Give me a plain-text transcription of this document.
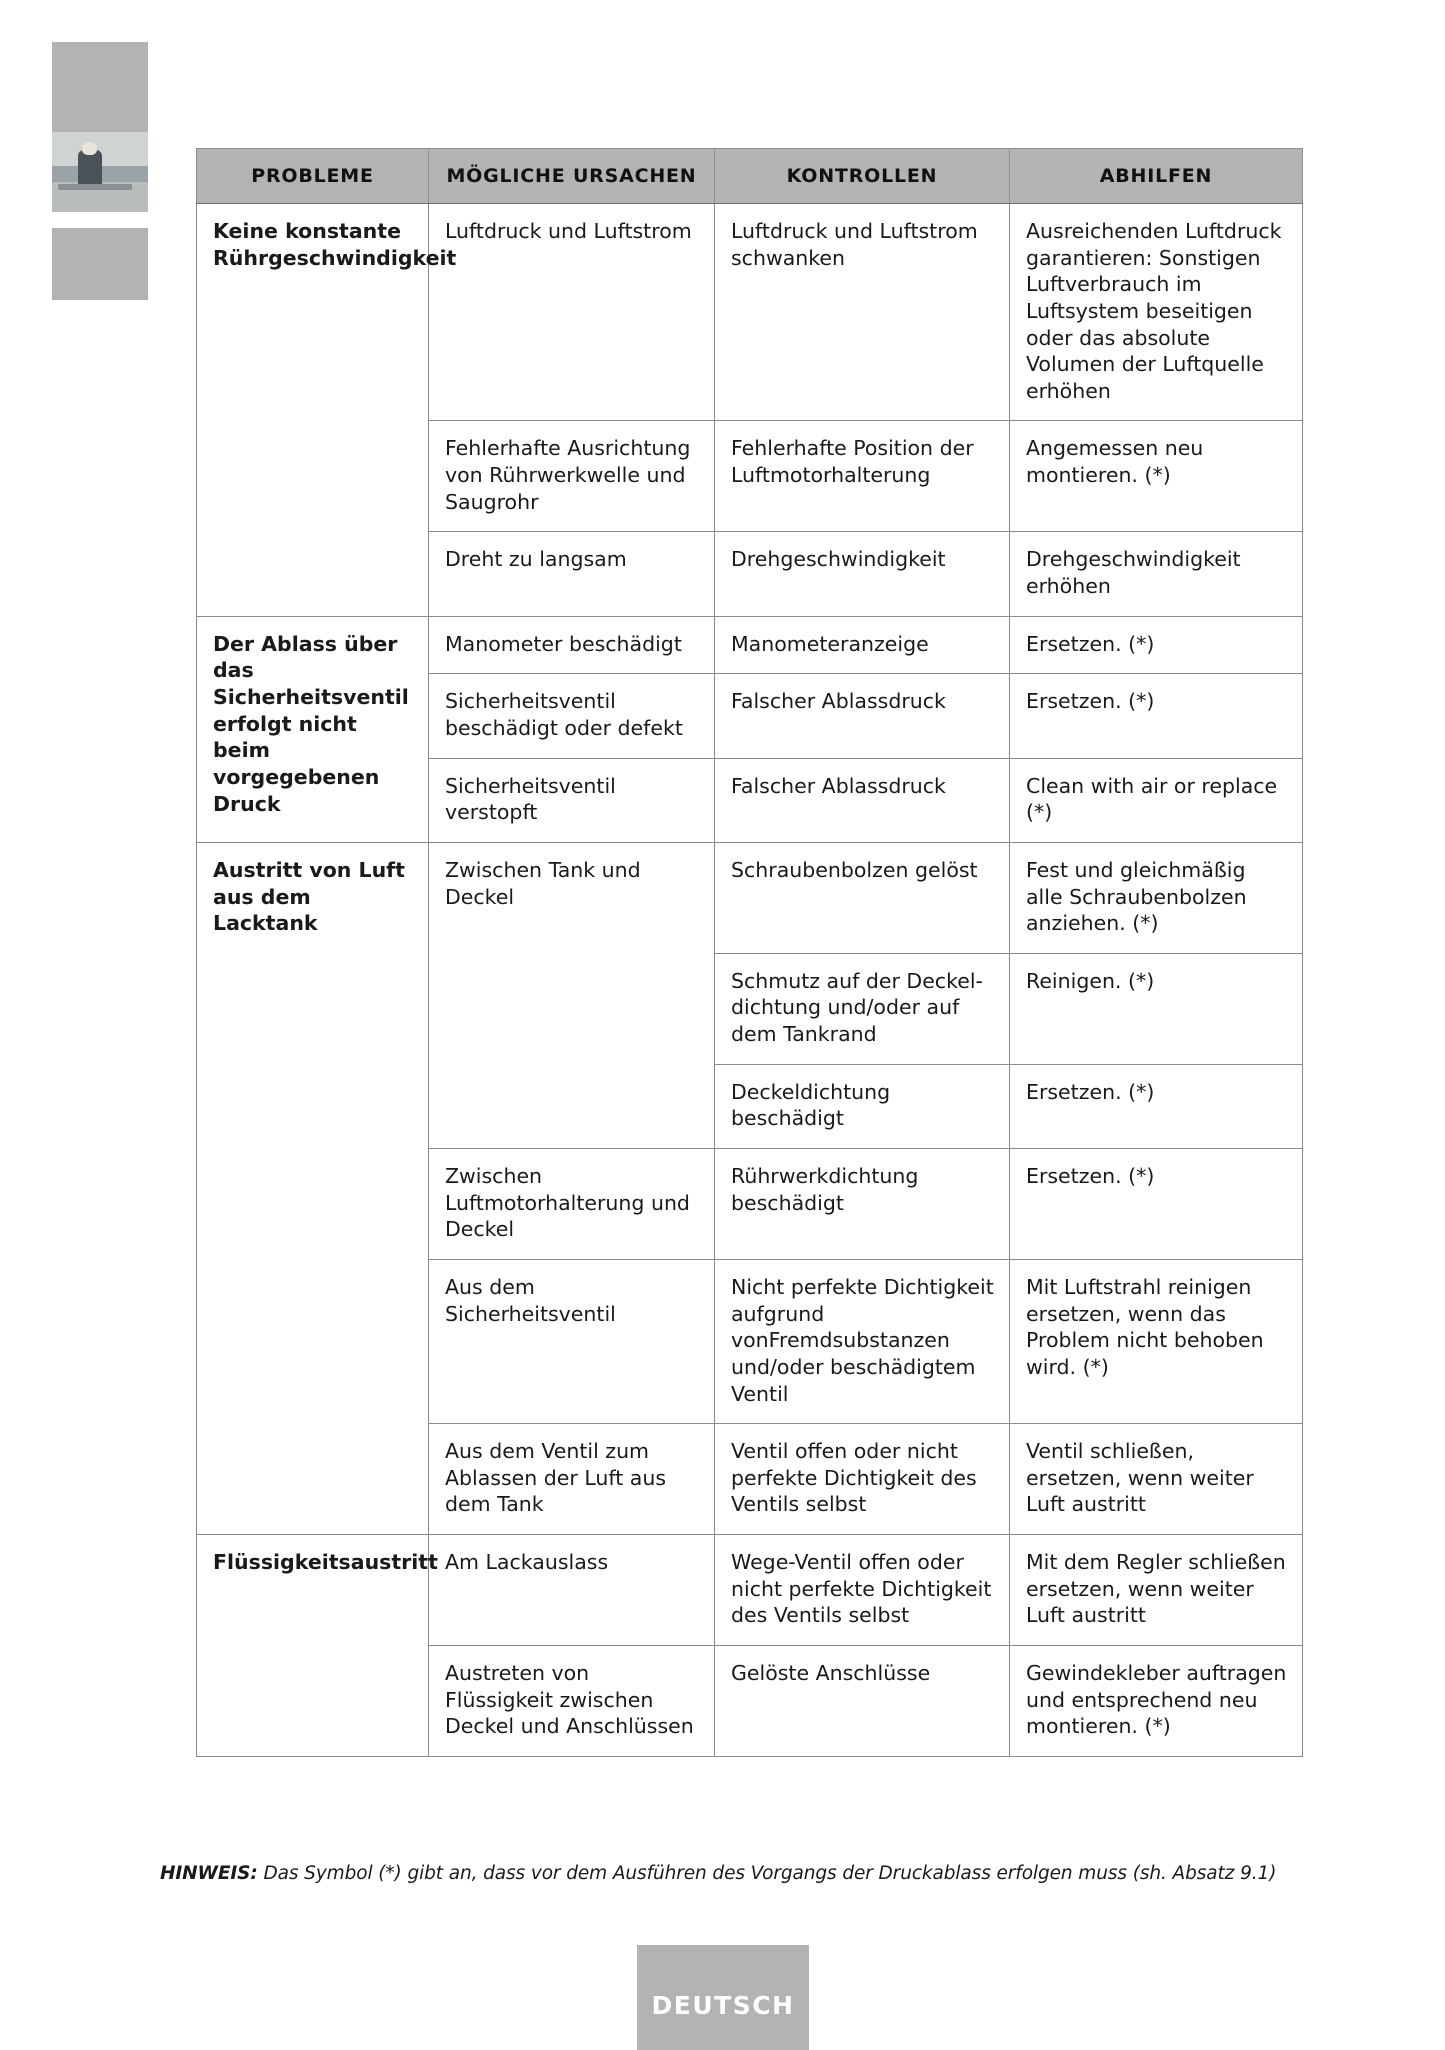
PROBLEME	MÖGLICHE URSACHEN	KONTROLLEN	ABHILFEN
Keine konstante Rührgeschwindigkeit	Luftdruck und Luftstrom	Luftdruck und Luftstrom schwanken	Ausreichenden Luftdruck garantieren: Sonstigen Luftverbrauch im Luftsystem beseitigen oder das absolute Volumen der Luftquelle erhöhen
	Fehlerhafte Ausrichtung von Rührwerkwelle und Saugrohr	Fehlerhafte Position der Luftmotorhalterung	Angemessen neu montieren. (*)
	Dreht zu langsam	Drehgeschwindigkeit	Drehgeschwindigkeit erhöhen
Der Ablass über das Sicherheitsventil erfolgt nicht beim vorgegebenen Druck	Manometer beschädigt	Manometeranzeige	Ersetzen. (*)
	Sicherheitsventil beschädigt oder defekt	Falscher Ablassdruck	Ersetzen. (*)
	Sicherheitsventil verstopft	Falscher Ablassdruck	Clean with air or replace (*)
Austritt von Luft aus dem Lacktank	Zwischen Tank und Deckel	Schraubenbolzen gelöst	Fest und gleichmäßig alle Schraubenbolzen anziehen. (*)
		Schmutz auf der Deckel- dichtung und/oder auf dem Tankrand	Reinigen. (*)
		Deckeldichtung beschädigt	Ersetzen. (*)
	Zwischen Luftmotorhalterung und Deckel	Rührwerkdichtung beschädigt	Ersetzen. (*)
	Aus dem Sicherheitsventil	Nicht perfekte Dichtigkeit aufgrund vonFremdsubstanzen und/oder beschädigtem Ventil	Mit Luftstrahl reinigen ersetzen, wenn das Problem nicht behoben wird. (*)
	Aus dem Ventil zum Ablassen der Luft aus dem Tank	Ventil offen oder nicht perfekte Dichtigkeit des Ventils selbst	Ventil schließen, ersetzen, wenn weiter Luft austritt
Flüssigkeitsaustritt	Am Lackauslass	Wege-Ventil offen oder nicht perfekte Dichtigkeit des Ventils selbst	Mit dem Regler schließen ersetzen, wenn weiter Luft austritt
	Austreten von Flüssigkeit zwischen Deckel und Anschlüssen	Gelöste Anschlüsse	Gewindekleber auftragen und entsprechend neu montieren. (*)
HINWEIS: Das Symbol (*) gibt an, dass vor dem Ausführen des Vorgangs der Druckablass erfolgen muss (sh. Absatz 9.1)
DEUTSCH
